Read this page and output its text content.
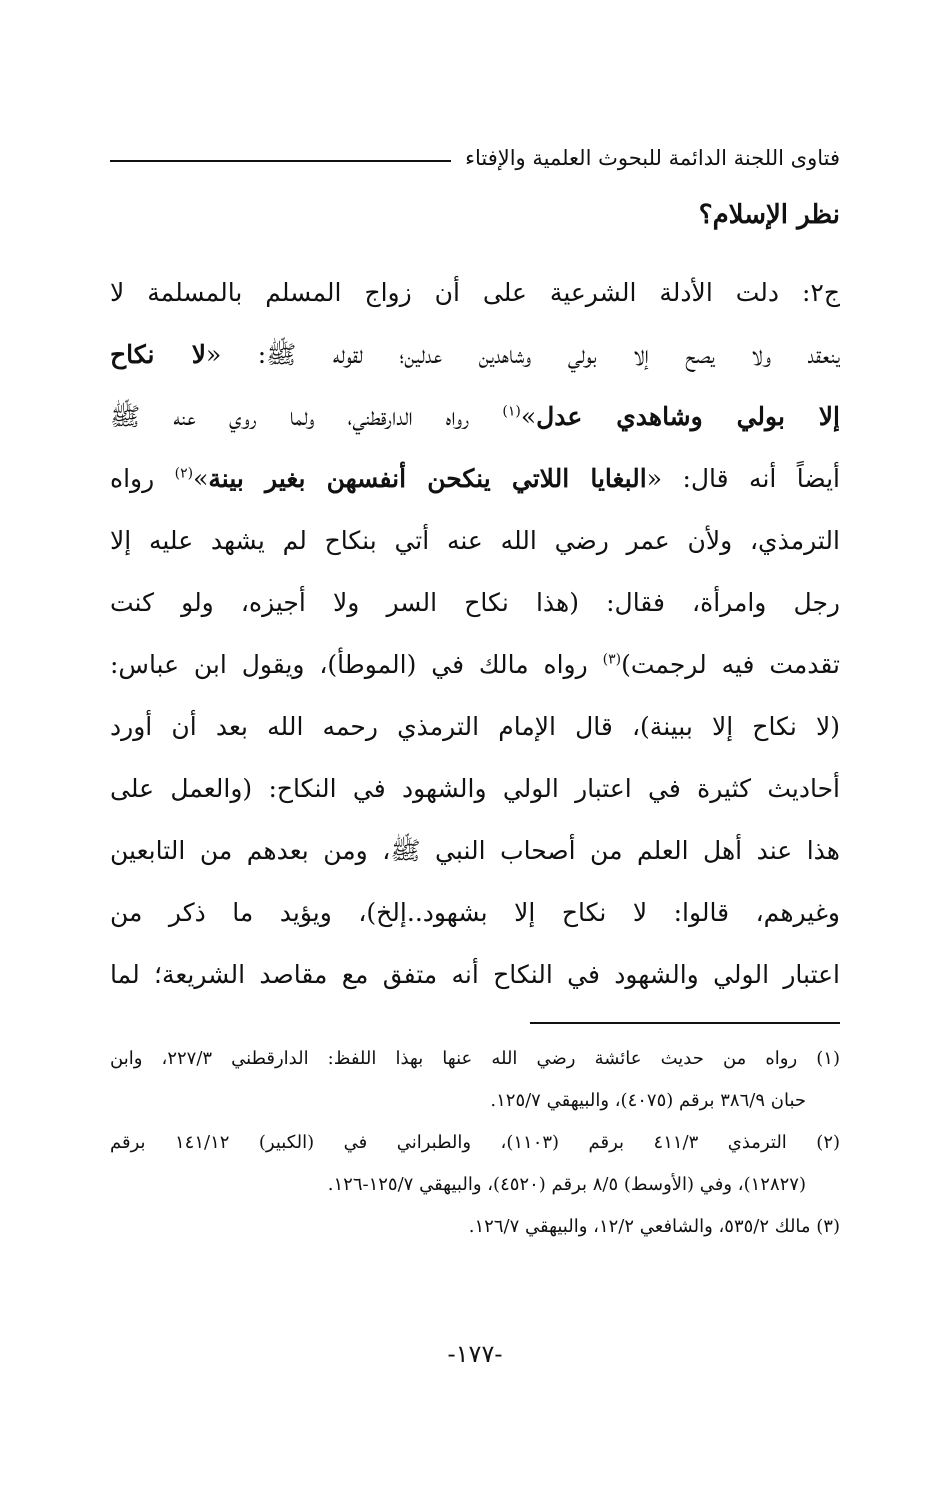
فتاوى اللجنة الدائمة للبحوث العلمية والإفتاء
نظر الإسلام؟
ج٢: دلت الأدلة الشرعية على أن زواج المسلم بالمسلمة لا
ينعقد ولا يصح إلا بولي وشاهدين عدلين؛ لقوله ﷺ: «لا نكاح
إلا بولي وشاهدي عدل»$^{(١)}$ رواه الدارقطني، ولما روي عنه ﷺ
أيضاً أنه قال: «البغايا اللاتي ينكحن أنفسهن بغير بينة»$^{(٢)}$ رواه
الترمذي، ولأن عمر رضي الله عنه أتي بنكاح لم يشهد عليه إلا
رجل وامرأة، فقال: (هذا نكاح السر ولا أجيزه، ولو كنت
تقدمت فيه لرجمت)$^{(٣)}$ رواه مالك في (الموطأ)، ويقول ابن عباس:
(لا نكاح إلا ببينة)، قال الإمام الترمذي رحمه الله بعد أن أورد
أحاديث كثيرة في اعتبار الولي والشهود في النكاح: (والعمل على
هذا عند أهل العلم من أصحاب النبي ﷺ، ومن بعدهم من التابعين
وغيرهم، قالوا: لا نكاح إلا بشهود..إلخ)، ويؤيد ما ذكر من
اعتبار الولي والشهود في النكاح أنه متفق مع مقاصد الشريعة؛ لما
(١) رواه من حديث عائشة رضي الله عنها بهذا اللفظ: الدارقطني ٢٢٧/٣، وابن
حبان ٣٨٦/٩ برقم (٤٠٧٥)، والبيهقي ١٢٥/٧.
(٢) الترمذي ٤١١/٣ برقم (١١٠٣)، والطبراني في (الكبير) ١٤١/١٢ برقم
(١٢٨٢٧)، وفي (الأوسط) ٨/٥ برقم (٤٥٢٠)، والبيهقي ١٢٥/٧-١٢٦.
(٣) مالك ٥٣٥/٢، والشافعي ١٢/٢، والبيهقي ١٢٦/٧.
-١٧٧-
